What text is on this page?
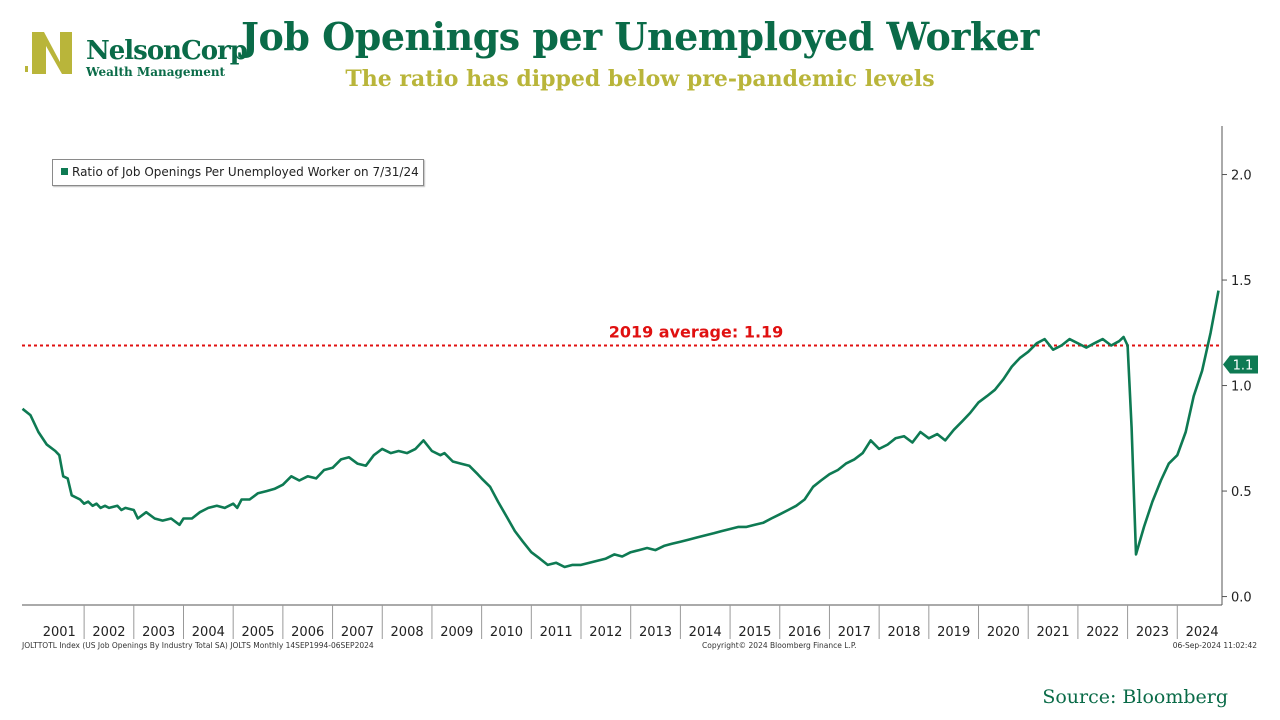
NelsonCorp
Wealth Management
Job Openings per Unemployed Worker
The ratio has dipped below pre-pandemic levels
0.0
0.5
1.0
1.5
2.0
2001 2002 2003 2004 2005 2006 2007 2008 2009 2010 2011 2012 2013 2014 2015 2016 2017 2018 2019 2020 2021 2022 2023 2024
2019 average: 1.19
1.1
Ratio of Job Openings Per Unemployed Worker on 7/31/24
JOLTTOTL Index (US Job Openings By Industry Total SA) JOLTS Monthly 14SEP1994-06SEP2024	Copyright© 2024 Bloomberg Finance L.P.	06-Sep-2024 11:02:42
Source: Bloomberg
